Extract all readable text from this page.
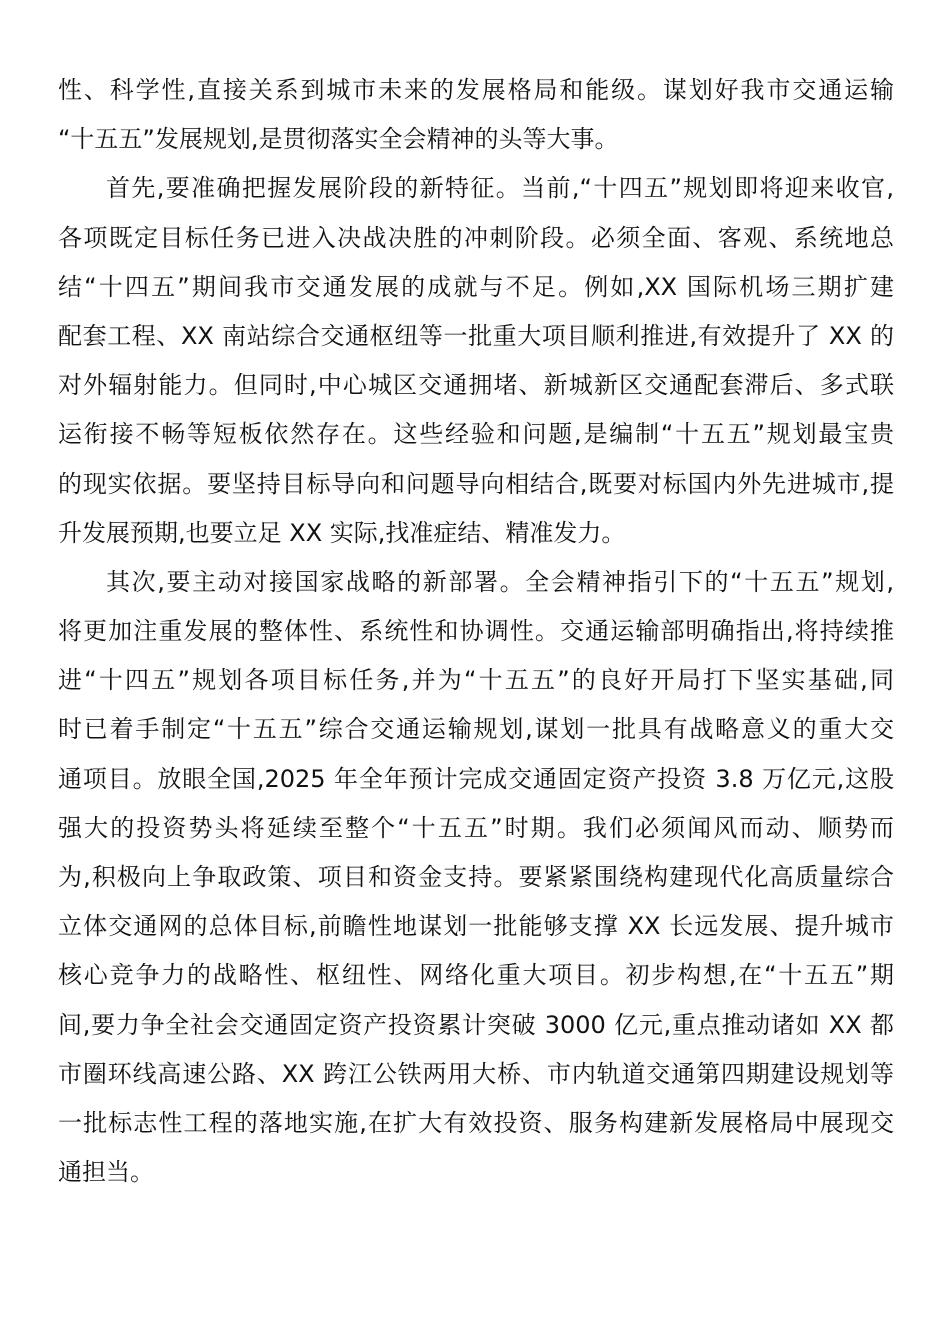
性、科学性,直接关系到城市未来的发展格局和能级。谋划好我市交通运输
“十五五”发展规划,是贯彻落实全会精神的头等大事。
首先,要准确把握发展阶段的新特征。当前,“十四五”规划即将迎来收官,
各项既定目标任务已进入决战决胜的冲刺阶段。必须全面、客观、系统地总
结“十四五”期间我市交通发展的成就与不足。例如,XX 国际机场三期扩建
配套工程、XX 南站综合交通枢纽等一批重大项目顺利推进,有效提升了 XX 的
对外辐射能力。但同时,中心城区交通拥堵、新城新区交通配套滞后、多式联
运衔接不畅等短板依然存在。这些经验和问题,是编制“十五五”规划最宝贵
的现实依据。要坚持目标导向和问题导向相结合,既要对标国内外先进城市,提
升发展预期,也要立足 XX 实际,找准症结、精准发力。
其次,要主动对接国家战略的新部署。全会精神指引下的“十五五”规划,
将更加注重发展的整体性、系统性和协调性。交通运输部明确指出,将持续推
进“十四五”规划各项目标任务,并为“十五五”的良好开局打下坚实基础,同
时已着手制定“十五五”综合交通运输规划,谋划一批具有战略意义的重大交
通项目。放眼全国,2025 年全年预计完成交通固定资产投资 3.8 万亿元,这股
强大的投资势头将延续至整个“十五五”时期。我们必须闻风而动、顺势而
为,积极向上争取政策、项目和资金支持。要紧紧围绕构建现代化高质量综合
立体交通网的总体目标,前瞻性地谋划一批能够支撑 XX 长远发展、提升城市
核心竞争力的战略性、枢纽性、网络化重大项目。初步构想,在“十五五”期
间,要力争全社会交通固定资产投资累计突破 3000 亿元,重点推动诸如 XX 都
市圈环线高速公路、XX 跨江公铁两用大桥、市内轨道交通第四期建设规划等
一批标志性工程的落地实施,在扩大有效投资、服务构建新发展格局中展现交
通担当。
